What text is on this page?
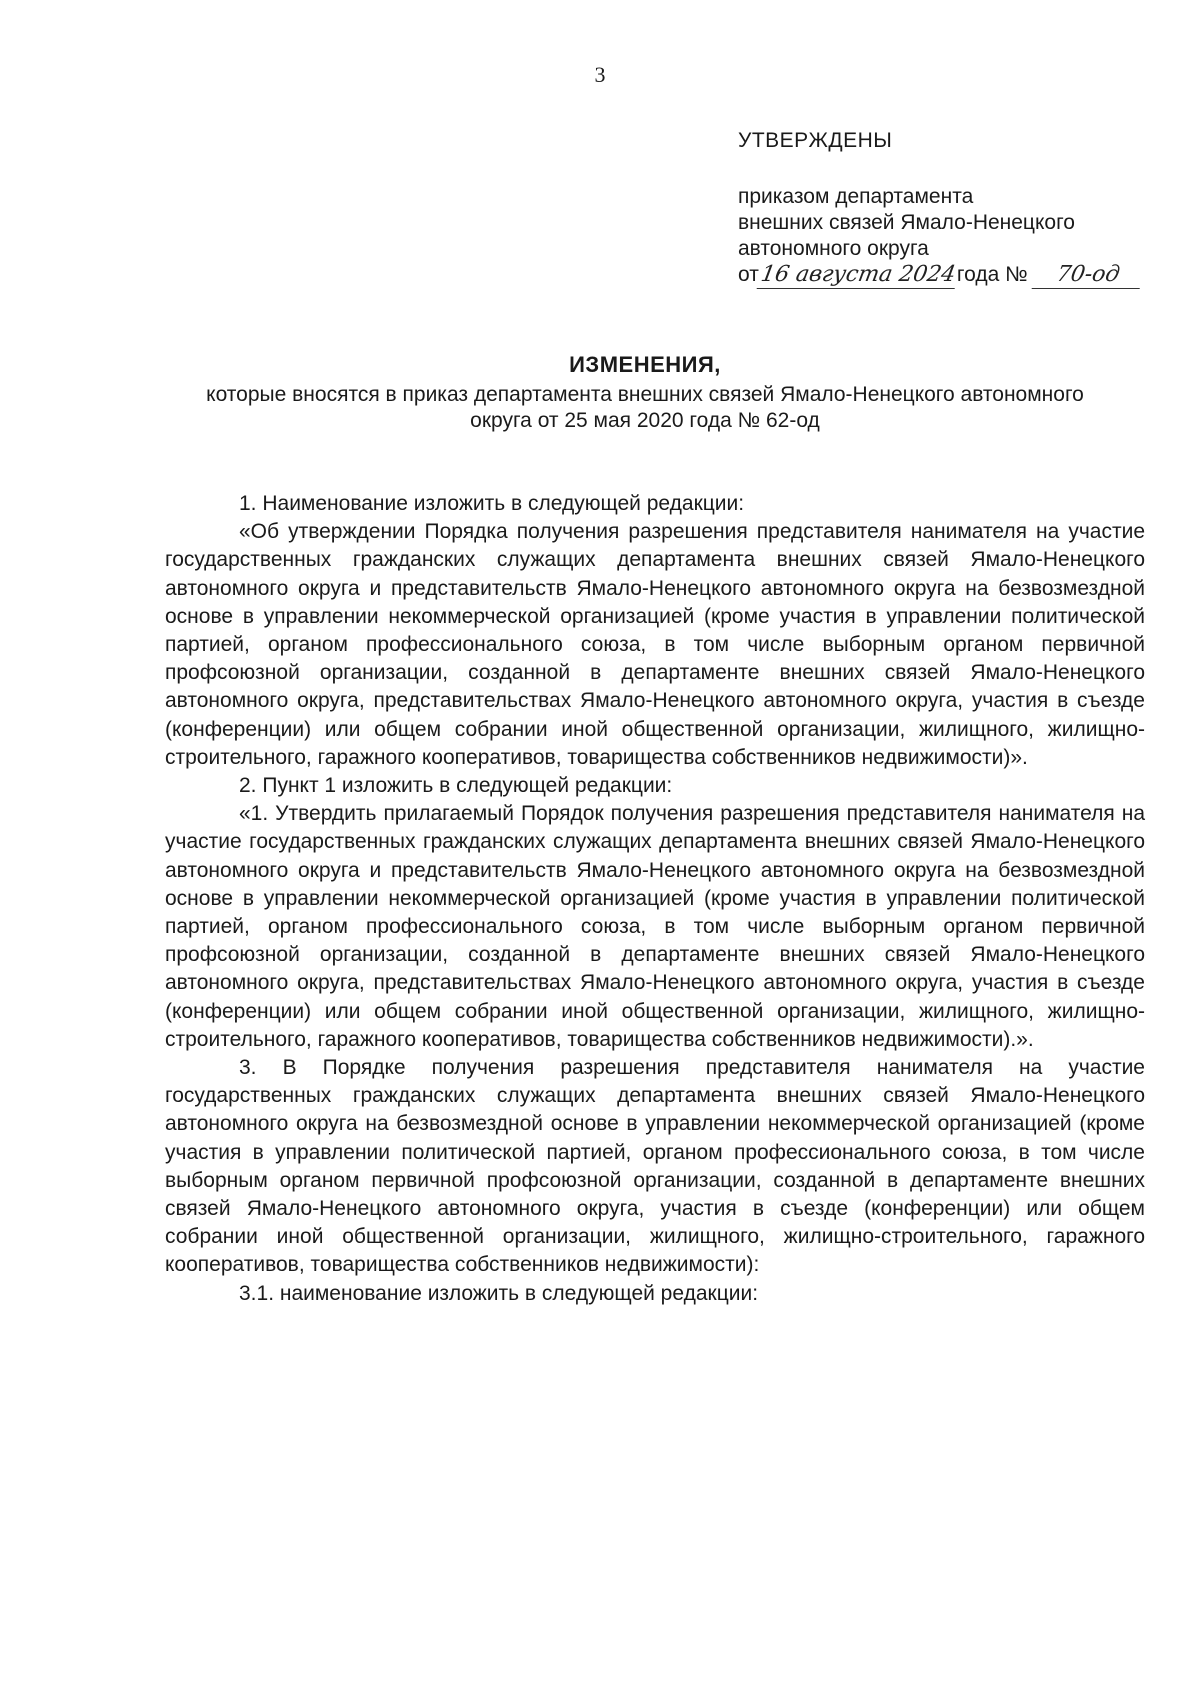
3

УТВЕРЖДЕНЫ

приказом департамента

внешних связей Ямало-Ненецкого

автономного округа

от16 августа 2024года № 70-од

ИЗМЕНЕНИЯ,

которые вносятся в приказ департамента внешних связей Ямало-Ненецкого автономного округа от 25 мая 2020 года № 62-од

1. Наименование изложить в следующей редакции:

«Об утверждении Порядка получения разрешения представителя нанимателя на участие государственных гражданских служащих департамента внешних связей Ямало-Ненецкого автономного округа и представительств Ямало-Ненецкого автономного округа на безвозмездной основе в управлении некоммерческой организацией (кроме участия в управлении политической партией, органом профессионального союза, в том числе выборным органом первичной профсоюзной организации, созданной в департаменте внешних связей Ямало-Ненецкого автономного округа, представительствах Ямало-Ненецкого автономного округа, участия в съезде (конференции) или общем собрании иной общественной организации, жилищного, жилищно-строительного, гаражного кооперативов, товарищества собственников недвижимости)».

2. Пункт 1 изложить в следующей редакции:

«1. Утвердить прилагаемый Порядок получения разрешения представителя нанимателя на участие государственных гражданских служащих департамента внешних связей Ямало-Ненецкого автономного округа и представительств Ямало-Ненецкого автономного округа на безвозмездной основе в управлении некоммерческой организацией (кроме участия в управлении политической партией, органом профессионального союза, в том числе выборным органом первичной профсоюзной организации, созданной в департаменте внешних связей Ямало-Ненецкого автономного округа, представительствах Ямало-Ненецкого автономного округа, участия в съезде (конференции) или общем собрании иной общественной организации, жилищного, жилищно-строительного, гаражного кооперативов, товарищества собственников недвижимости).».

3. В Порядке получения разрешения представителя нанимателя на участие государственных гражданских служащих департамента внешних связей Ямало-Ненецкого автономного округа на безвозмездной основе в управлении некоммерческой организацией (кроме участия в управлении политической партией, органом профессионального союза, в том числе выборным органом первичной профсоюзной организации, созданной в департаменте внешних связей Ямало-Ненецкого автономного округа, участия в съезде (конференции) или общем собрании иной общественной организации, жилищного, жилищно-строительного, гаражного кооперативов, товарищества собственников недвижимости):

3.1. наименование изложить в следующей редакции:
